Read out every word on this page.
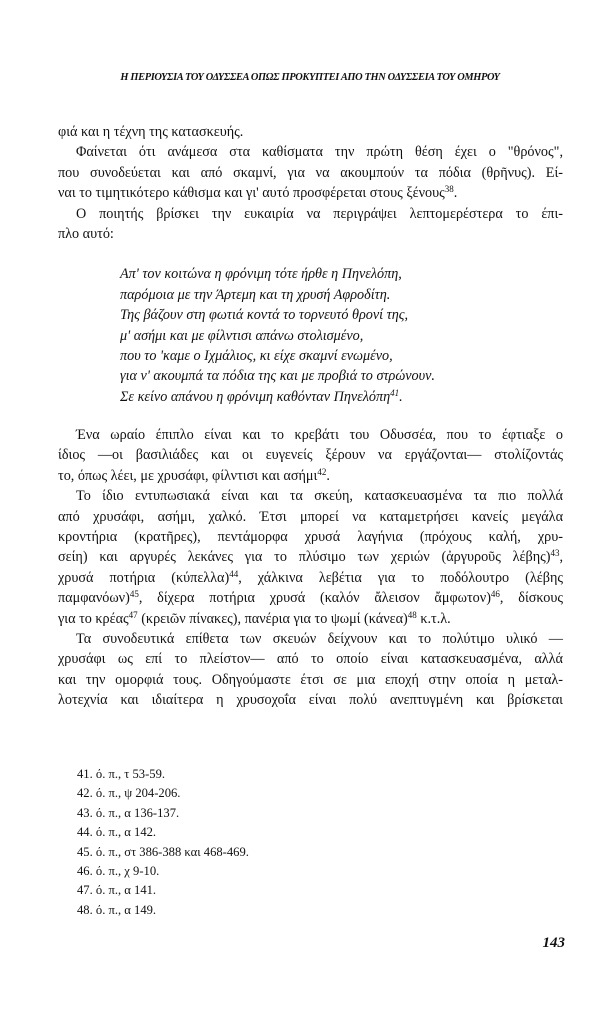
Η ΠΕΡΙΟΥΣΙΑ ΤΟΥ ΟΔΥΣΣΕΑ ΟΠΩΣ ΠΡΟΚΥΠΤΕΙ ΑΠΟ ΤΗΝ ΟΔΥΣΣΕΙΑ ΤΟΥ ΟΜΗΡΟΥ
φιά και η τέχνη της κατασκευής.
Φαίνεται ότι ανάμεσα στα καθίσματα την πρώτη θέση έχει ο "θρόνος",
που συνοδεύεται και από σκαμνί, για να ακουμπούν τα πόδια (θρῆνυς). Εί-
ναι το τιμητικότερο κάθισμα και γι' αυτό προσφέρεται στους ξένους$^{38}$.
Ο ποιητής βρίσκει την ευκαιρία να περιγράψει λεπτομερέστερα το έπι-
πλο αυτό:
Απ' τον κοιτώνα η φρόνιμη τότε ήρθε η Πηνελόπη,
παρόμοια με την Άρτεμη και τη χρυσή Αφροδίτη.
Της βάζουν στη φωτιά κοντά το τορνευτό θρονί της,
μ' ασήμι και με φίλντισι απάνω στολισμένο,
που το 'καμε ο Ιχμάλιος, κι είχε σκαμνί ενωμένο,
για ν' ακουμπά τα πόδια της και με προβιά το στρώνουν.
Σε κείνο απάνου η φρόνιμη καθόνταν Πηνελόπη$^{41}$.
Ένα ωραίο έπιπλο είναι και το κρεβάτι του Οδυσσέα, που το έφτιαξε ο
ίδιος —οι βασιλιάδες και οι ευγενείς ξέρουν να εργάζονται— στολίζοντάς
το, όπως λέει, με χρυσάφι, φίλντισι και ασήμι$^{42}$.
Το ίδιο εντυπωσιακά είναι και τα σκεύη, κατασκευασμένα τα πιο πολλά
από χρυσάφι, ασήμι, χαλκό. Έτσι μπορεί να καταμετρήσει κανείς μεγάλα
κροντήρια (κρατῆρες), πεντάμορφα χρυσά λαγήνια (πρόχους καλή, χρυ-
σείη) και αργυρές λεκάνες για το πλύσιμο των χεριών (ἀργυροῦς λέβης)$^{43}$,
χρυσά ποτήρια $(\kappa ύ\pi\varepsilon\lambda\lambda\alpha)^{44}$, χάλκινα λεβέτια για το ποδόλουτρο (λέβης
παμφανόων)$^{45}$, δίχερα ποτήρια χρυσά (καλόν ἄλεισον ἄμφωτον)$^{46}$, δίσκους
για το κρέας$^{47}$ (κρειῶν πίνακες), πανέρια για το ψωμί $(\kappa ά\nu\varepsilon\alpha)^{48}$ κ.τ.λ.
Τα συνοδευτικά επίθετα των σκευών δείχνουν και το πολύτιμο υλικό —
χρυσάφι ως επί το πλείστον— από το οποίο είναι κατασκευασμένα, αλλά
και την ομορφιά τους. Οδηγούμαστε έτσι σε μια εποχή στην οποία η μεταλ-
λοτεχνία και ιδιαίτερα η χρυσοχοΐα είναι πολύ ανεπτυγμένη και βρίσκεται
41. ό. π., τ 53-59.
42. ό. π., ψ 204-206.
43. ό. π., α 136-137.
44. ό. π., α 142.
45. ό. π., στ 386-388 και 468-469.
46. ό. π., χ 9-10.
47. ό. π., α 141.
48. ό. π., α 149.
143
